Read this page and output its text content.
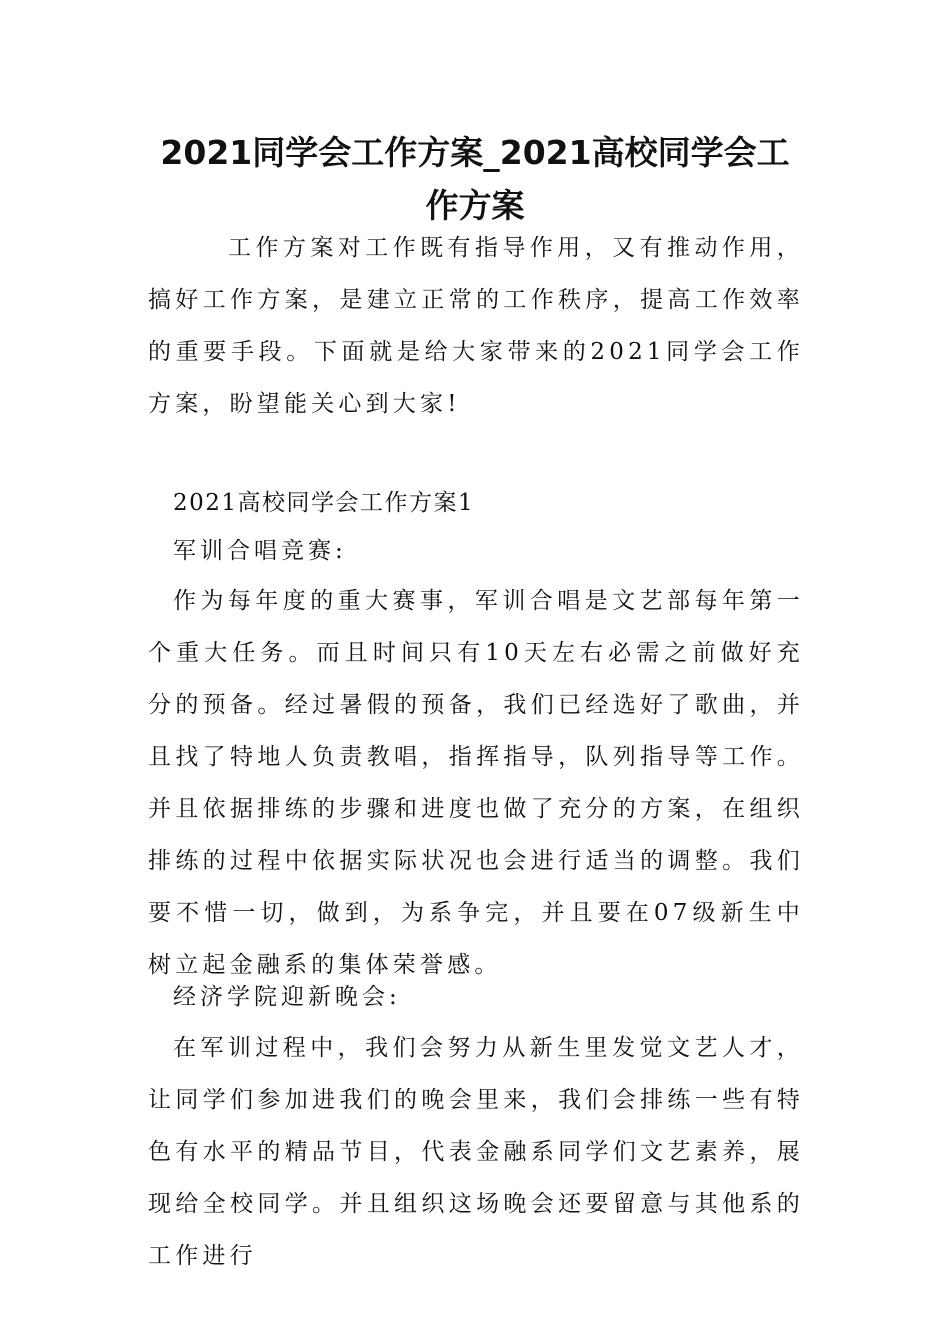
2021同学会工作方案_2021高校同学会工作方案

工作方案对工作既有指导作用，又有推动作用，搞好工作方案，是建立正常的工作秩序，提高工作效率的重要手段。下面就是给大家带来的2021同学会工作方案，盼望能关心到大家!

2021高校同学会工作方案1

军训合唱竞赛:

作为每年度的重大赛事，军训合唱是文艺部每年第一个重大任务。而且时间只有10天左右必需之前做好充分的预备。经过暑假的预备，我们已经选好了歌曲，并且找了特地人负责教唱，指挥指导，队列指导等工作。并且依据排练的步骤和进度也做了充分的方案，在组织排练的过程中依据实际状况也会进行适当的调整。我们要不惜一切，做到，为系争完，并且要在07级新生中树立起金融系的集体荣誉感。

经济学院迎新晚会:

在军训过程中，我们会努力从新生里发觉文艺人才，让同学们参加进我们的晚会里来，我们会排练一些有特色有水平的精品节目，代表金融系同学们文艺素养，展现给全校同学。并且组织这场晚会还要留意与其他系的工作进行
